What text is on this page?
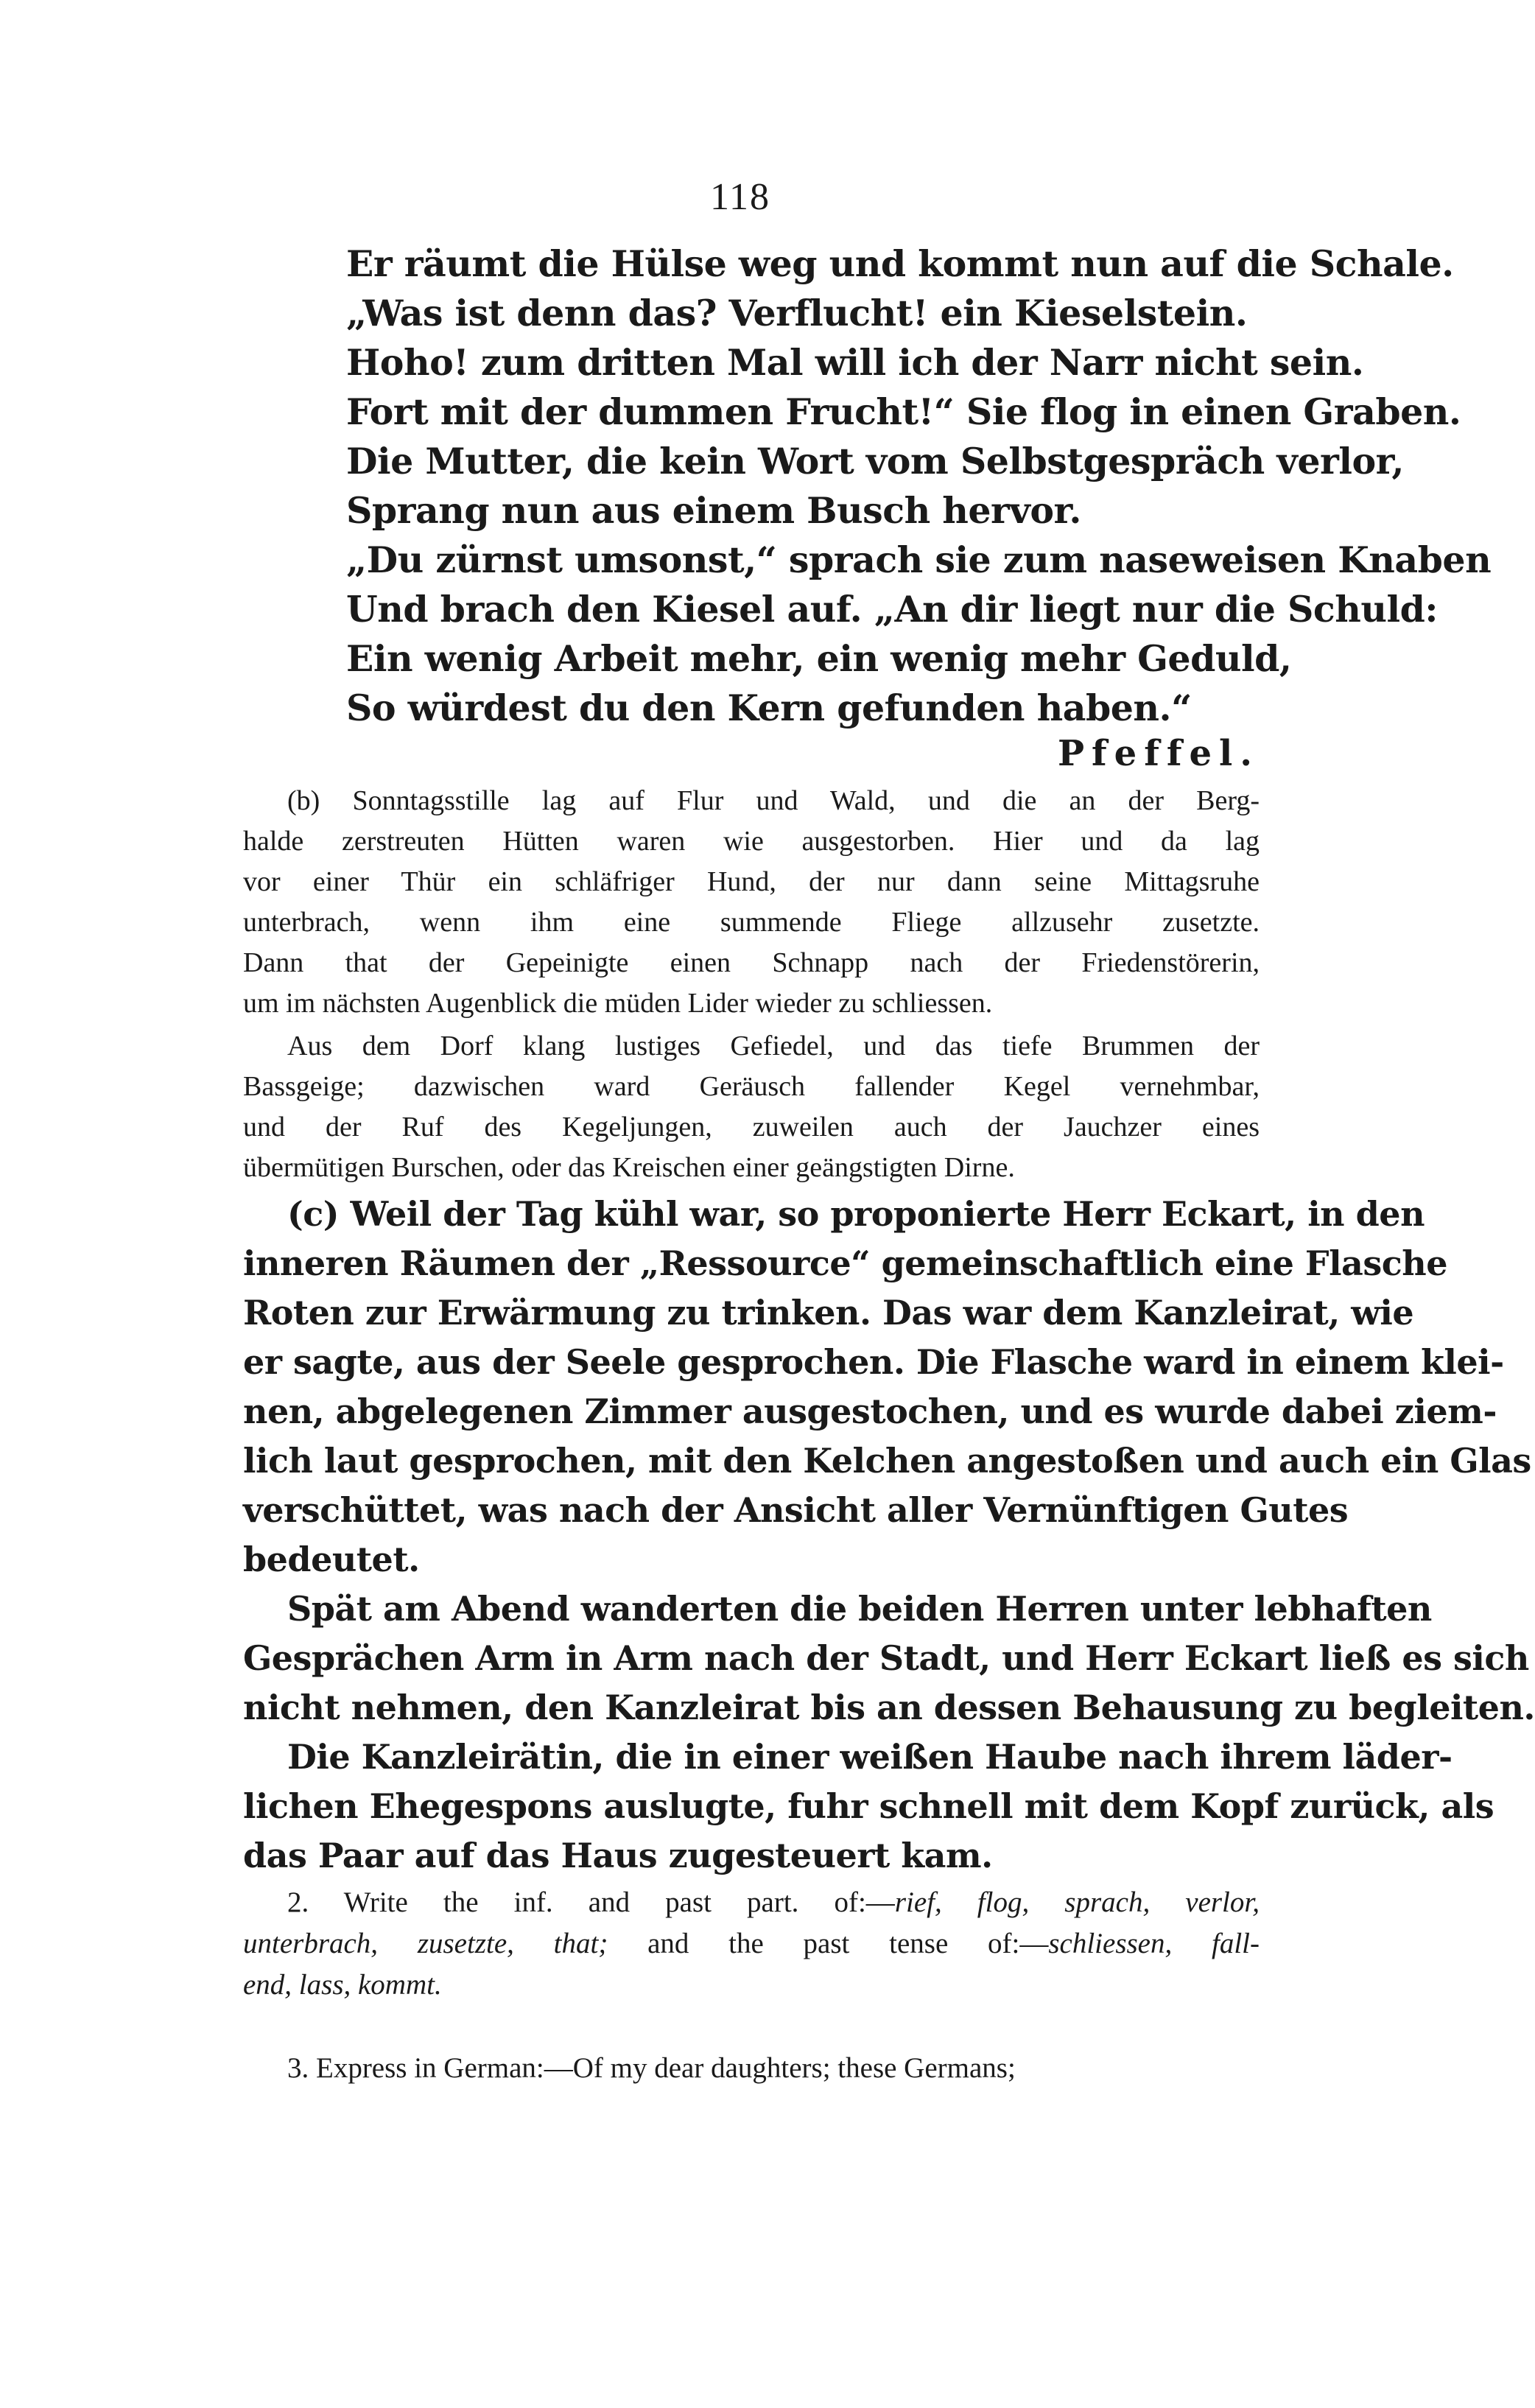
118
Er räumt die Hülse weg und kommt nun auf die Schale.
„Was ist denn das? Verflucht! ein Kieselstein.
Hoho! zum dritten Mal will ich der Narr nicht sein.
Fort mit der dummen Frucht!“ Sie flog in einen Graben.
Die Mutter, die kein Wort vom Selbstgespräch verlor,
Sprang nun aus einem Busch hervor.
„Du zürnst umsonst,“ sprach sie zum naseweisen Knaben
Und brach den Kiesel auf. „An dir liegt nur die Schuld:
Ein wenig Arbeit mehr, ein wenig mehr Geduld,
So würdest du den Kern gefunden haben.“
Pfeffel.
(b) Sonntagsstille lag auf Flur und Wald, und die an der Berg-
halde zerstreuten Hütten waren wie ausgestorben. Hier und da lag
vor einer Thür ein schläfriger Hund, der nur dann seine Mittagsruhe
unterbrach, wenn ihm eine summende Fliege allzusehr zusetzte.
Dann that der Gepeinigte einen Schnapp nach der Friedenstörerin,
um im nächsten Augenblick die müden Lider wieder zu schliessen.
Aus dem Dorf klang lustiges Gefiedel, und das tiefe Brummen der
Bassgeige; dazwischen ward Geräusch fallender Kegel vernehmbar,
und der Ruf des Kegeljungen, zuweilen auch der Jauchzer eines
übermütigen Burschen, oder das Kreischen einer geängstigten Dirne.
(c) Weil der Tag kühl war, so proponierte Herr Eckart, in den
inneren Räumen der „Ressource“ gemeinschaftlich eine Flasche
Roten zur Erwärmung zu trinken. Das war dem Kanzleirat, wie
er sagte, aus der Seele gesprochen. Die Flasche ward in einem klei-
nen, abgelegenen Zimmer ausgestochen, und es wurde dabei ziem-
lich laut gesprochen, mit den Kelchen angestoßen und auch ein Glas
verschüttet, was nach der Ansicht aller Vernünftigen Gutes
bedeutet.
Spät am Abend wanderten die beiden Herren unter lebhaften
Gesprächen Arm in Arm nach der Stadt, und Herr Eckart ließ es sich
nicht nehmen, den Kanzleirat bis an dessen Behausung zu begleiten.
Die Kanzleirätin, die in einer weißen Haube nach ihrem läder-
lichen Ehegespons auslugte, fuhr schnell mit dem Kopf zurück, als
das Paar auf das Haus zugesteuert kam.
2. Write the inf. and past part. of:—rief, flog, sprach, verlor,
unterbrach, zusetzte, that; and the past tense of:—schliessen, fall-
end, lass, kommt.
3. Express in German:—Of my dear daughters; these Germans;
